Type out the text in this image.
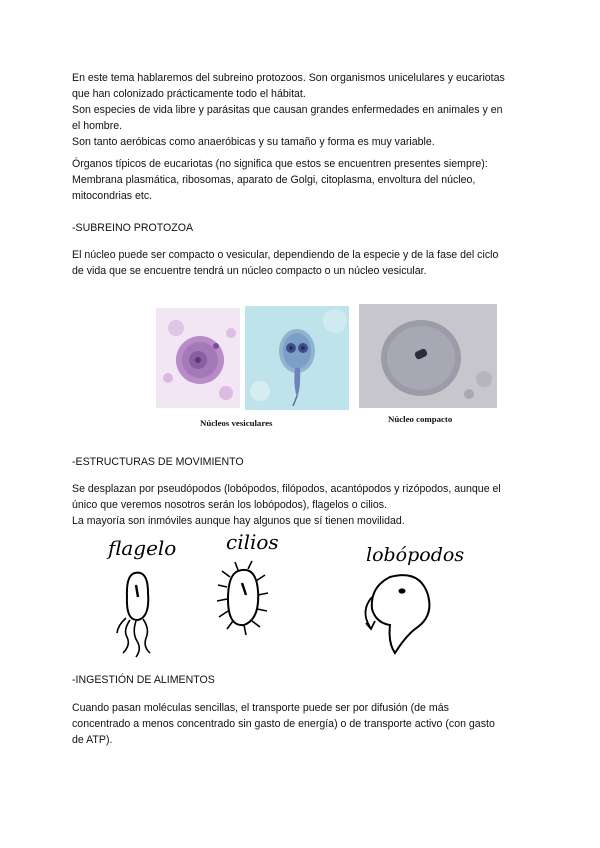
En este tema hablaremos del subreino protozoos. Son organismos unicelulares y eucariotas
que han colonizado prácticamente todo el hábitat.
Son especies de vida libre y parásitas que causan grandes enfermedades en animales y en
el hombre.
Son tanto aeróbicas como anaeróbicas y su tamaño y forma es muy variable.

Órganos típicos de eucariotas (no significa que estos se encuentren presentes siempre):
Membrana plasmática, ribosomas, aparato de Golgi, citoplasma, envoltura del núcleo,
mitocondrias etc.

-SUBREINO PROTOZOA

El núcleo puede ser compacto o vesicular, dependiendo de la especie y de la fase del ciclo
de vida que se encuentre tendrá un núcleo compacto o un núcleo vesicular.

Núcleos vesiculares	Núcleo compacto
-ESTRUCTURAS DE MOVIMIENTO

Se desplazan por pseudópodos (lobópodos, filópodos, acantópodos y rizópodos, aunque el
único que veremos nosotros serán los lobópodos), flagelos o cilios.
La mayoría son inmóviles aunque hay algunos que sí tienen movilidad.

flagelo cilios
lobópodos
-INGESTIÓN DE ALIMENTOS

Cuando pasan moléculas sencillas, el transporte puede ser por difusión (de más
concentrado a menos concentrado sin gasto de energía) o de transporte activo (con gasto
de ATP).
